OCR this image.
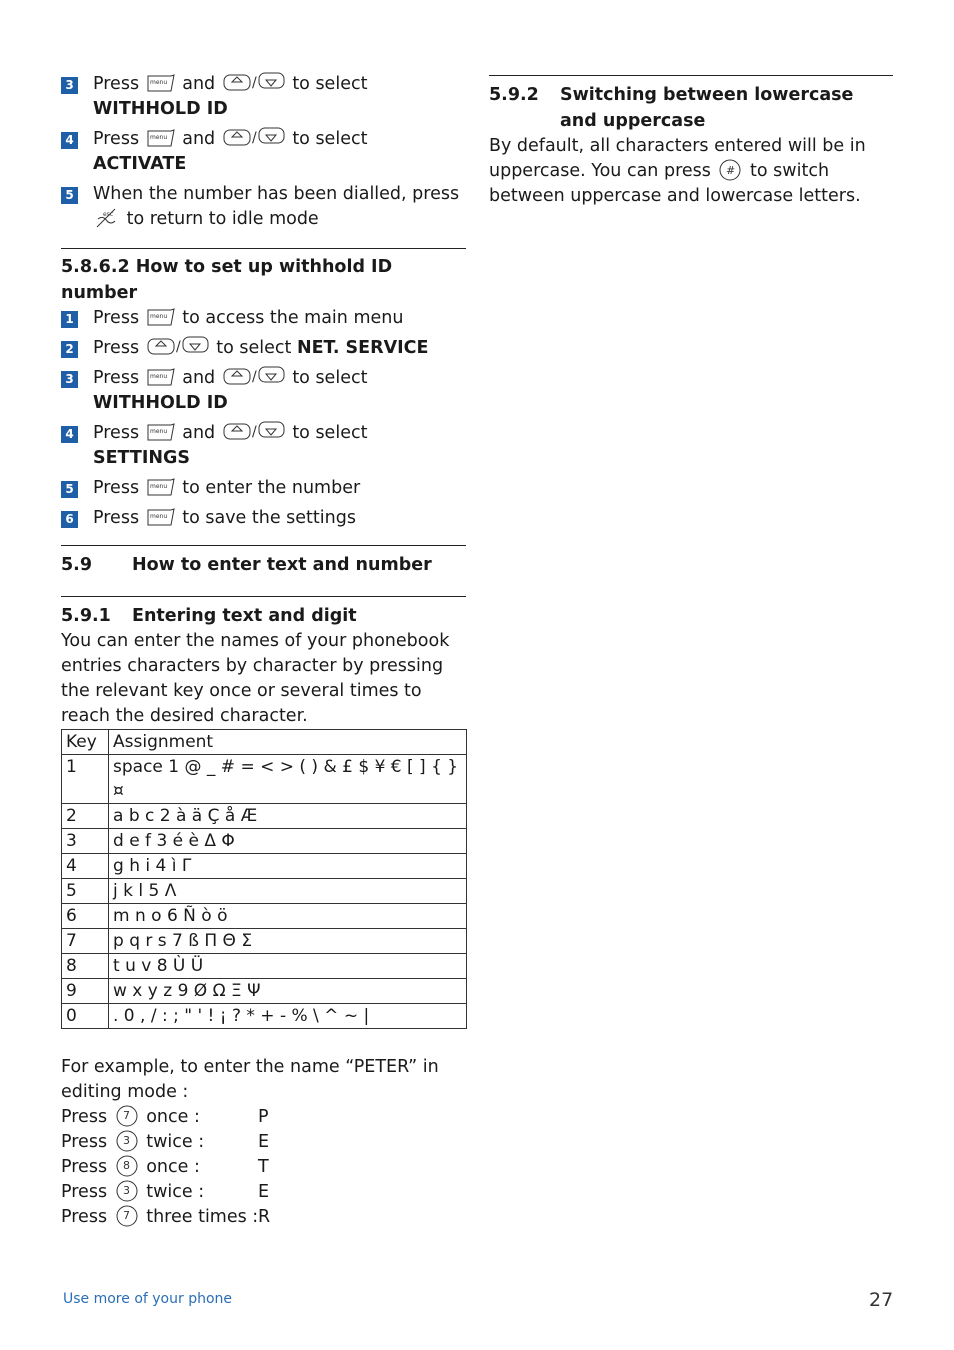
3 Press menu and	/ to select
WITHHOLD ID
4 Press menu and	/ to select ACTIVATE
5 When the number has been dialled, press

esc to return to idle mode
5.8.6.2 How to set up withhold ID number
1 Press menu to access the main menu
2 Press	/ to select NET. SERVICE
3 Press menu and	/ to select
WITHHOLD ID
4 Press menu and	/ to select
SETTINGS
5 Press menu to enter the number
6 Press menu to save the settings
5.9 How to enter text and number
5.9.1 Entering text and digit
You can enter the names of your phonebook entries characters by character by pressing the relevant key once or several times to reach the desired character.
Key	Assignment
1	space 1 @ _ # = < > ( ) & £ $ ¥ € [ ] { } ¤
2	a b c 2 à ä Ç å Æ
3	d e f 3 é è Δ Φ
4	g h i 4 ì Γ
5	j k l 5 Λ
6	m n o 6 Ñ ò ö
7	p q r s 7 ß Π Θ Σ
8	t u v 8 Ù Ü
9	w x y z 9 Ø Ω Ξ Ψ
0	. 0 , / : ; " ' ! ¡ ? * + - % \ ^ ~ |
For example, to enter the name “PETER” in editing mode :
Press 7 once :	P
Press 3 twice :	E
Press 8 once :	T
Press 3 twice :	E
Press 7 three times : R
5.9.2 Switching between lowercase and uppercase
By default, all characters entered will be in uppercase. You can press # to switch between uppercase and lowercase letters.
Use more of your phone	27
